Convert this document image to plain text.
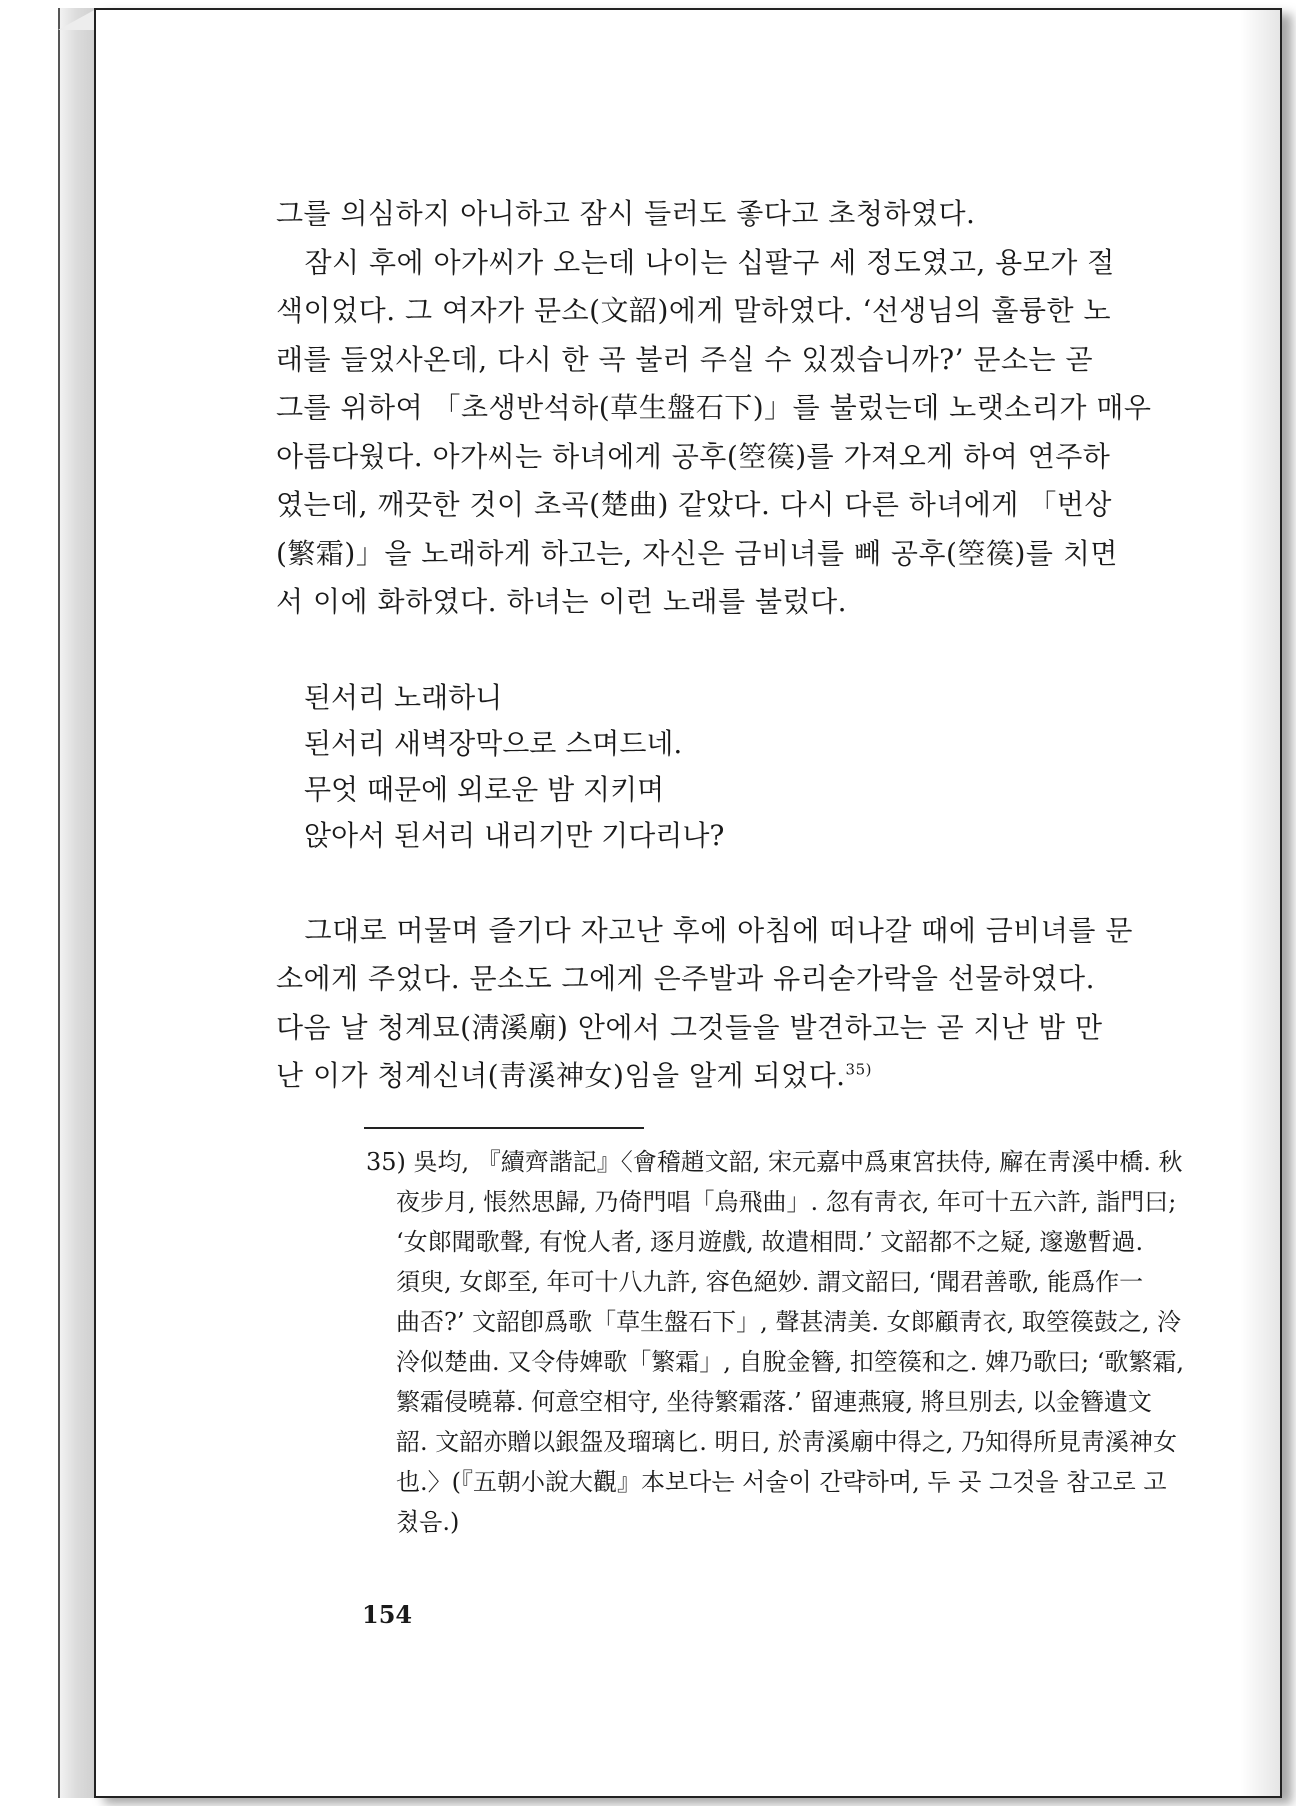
그를 의심하지 아니하고 잠시 들러도 좋다고 초청하였다.
　잠시 후에 아가씨가 오는데 나이는 십팔구 세 정도였고, 용모가 절
색이었다. 그 여자가 문소(文韶)에게 말하였다. ‘선생님의 훌륭한 노
래를 들었사온데, 다시 한 곡 불러 주실 수 있겠습니까?’ 문소는 곧
그를 위하여 「초생반석하(草生盤石下)」를 불렀는데 노랫소리가 매우
아름다웠다. 아가씨는 하녀에게 공후(箜篌)를 가져오게 하여 연주하
였는데, 깨끗한 것이 초곡(楚曲) 같았다. 다시 다른 하녀에게 「번상
(繁霜)」을 노래하게 하고는, 자신은 금비녀를 빼 공후(箜篌)를 치면
서 이에 화하였다. 하녀는 이런 노래를 불렀다.
된서리 노래하니
된서리 새벽장막으로 스며드네.
무엇 때문에 외로운 밤 지키며
앉아서 된서리 내리기만 기다리나?
　그대로 머물며 즐기다 자고난 후에 아침에 떠나갈 때에 금비녀를 문
소에게 주었다. 문소도 그에게 은주발과 유리숟가락을 선물하였다.
다음 날 청계묘(淸溪廟) 안에서 그것들을 발견하고는 곧 지난 밤 만
난 이가 청계신녀(靑溪神女)임을 알게 되었다.$^{35)}$
35) 吳均, 『續齊諧記』〈會稽趙文韶, 宋元嘉中爲東宮扶侍, 廨在靑溪中橋. 秋
夜步月, 悵然思歸, 乃倚門唱「烏飛曲」. 忽有靑衣, 年可十五六許, 詣門曰;
‘女郞聞歌聲, 有悅人者, 逐月遊戲, 故遣相問.’ 文韶都不之疑, 邃邀暫過.
須臾, 女郞至, 年可十八九許, 容色絕妙. 謂文韶曰, ‘聞君善歌, 能爲作一
曲否?’ 文韶卽爲歌「草生盤石下」, 聲甚淸美. 女郞顧靑衣, 取箜篌鼓之, 泠
泠似楚曲. 又令侍婢歌「繁霜」, 自脫金簪, 扣箜篌和之. 婢乃歌曰; ‘歌繁霜,
繁霜侵曉幕. 何意空相守, 坐待繁霜落.’ 留連燕寢, 將旦別去, 以金簪遺文
韶. 文韶亦贈以銀盌及瑠璃匕. 明日, 於靑溪廟中得之, 乃知得所見靑溪神女
也.〉(『五朝小說大觀』本보다는 서술이 간략하며, 두 곳 그것을 참고로 고
쳤음.)
154
